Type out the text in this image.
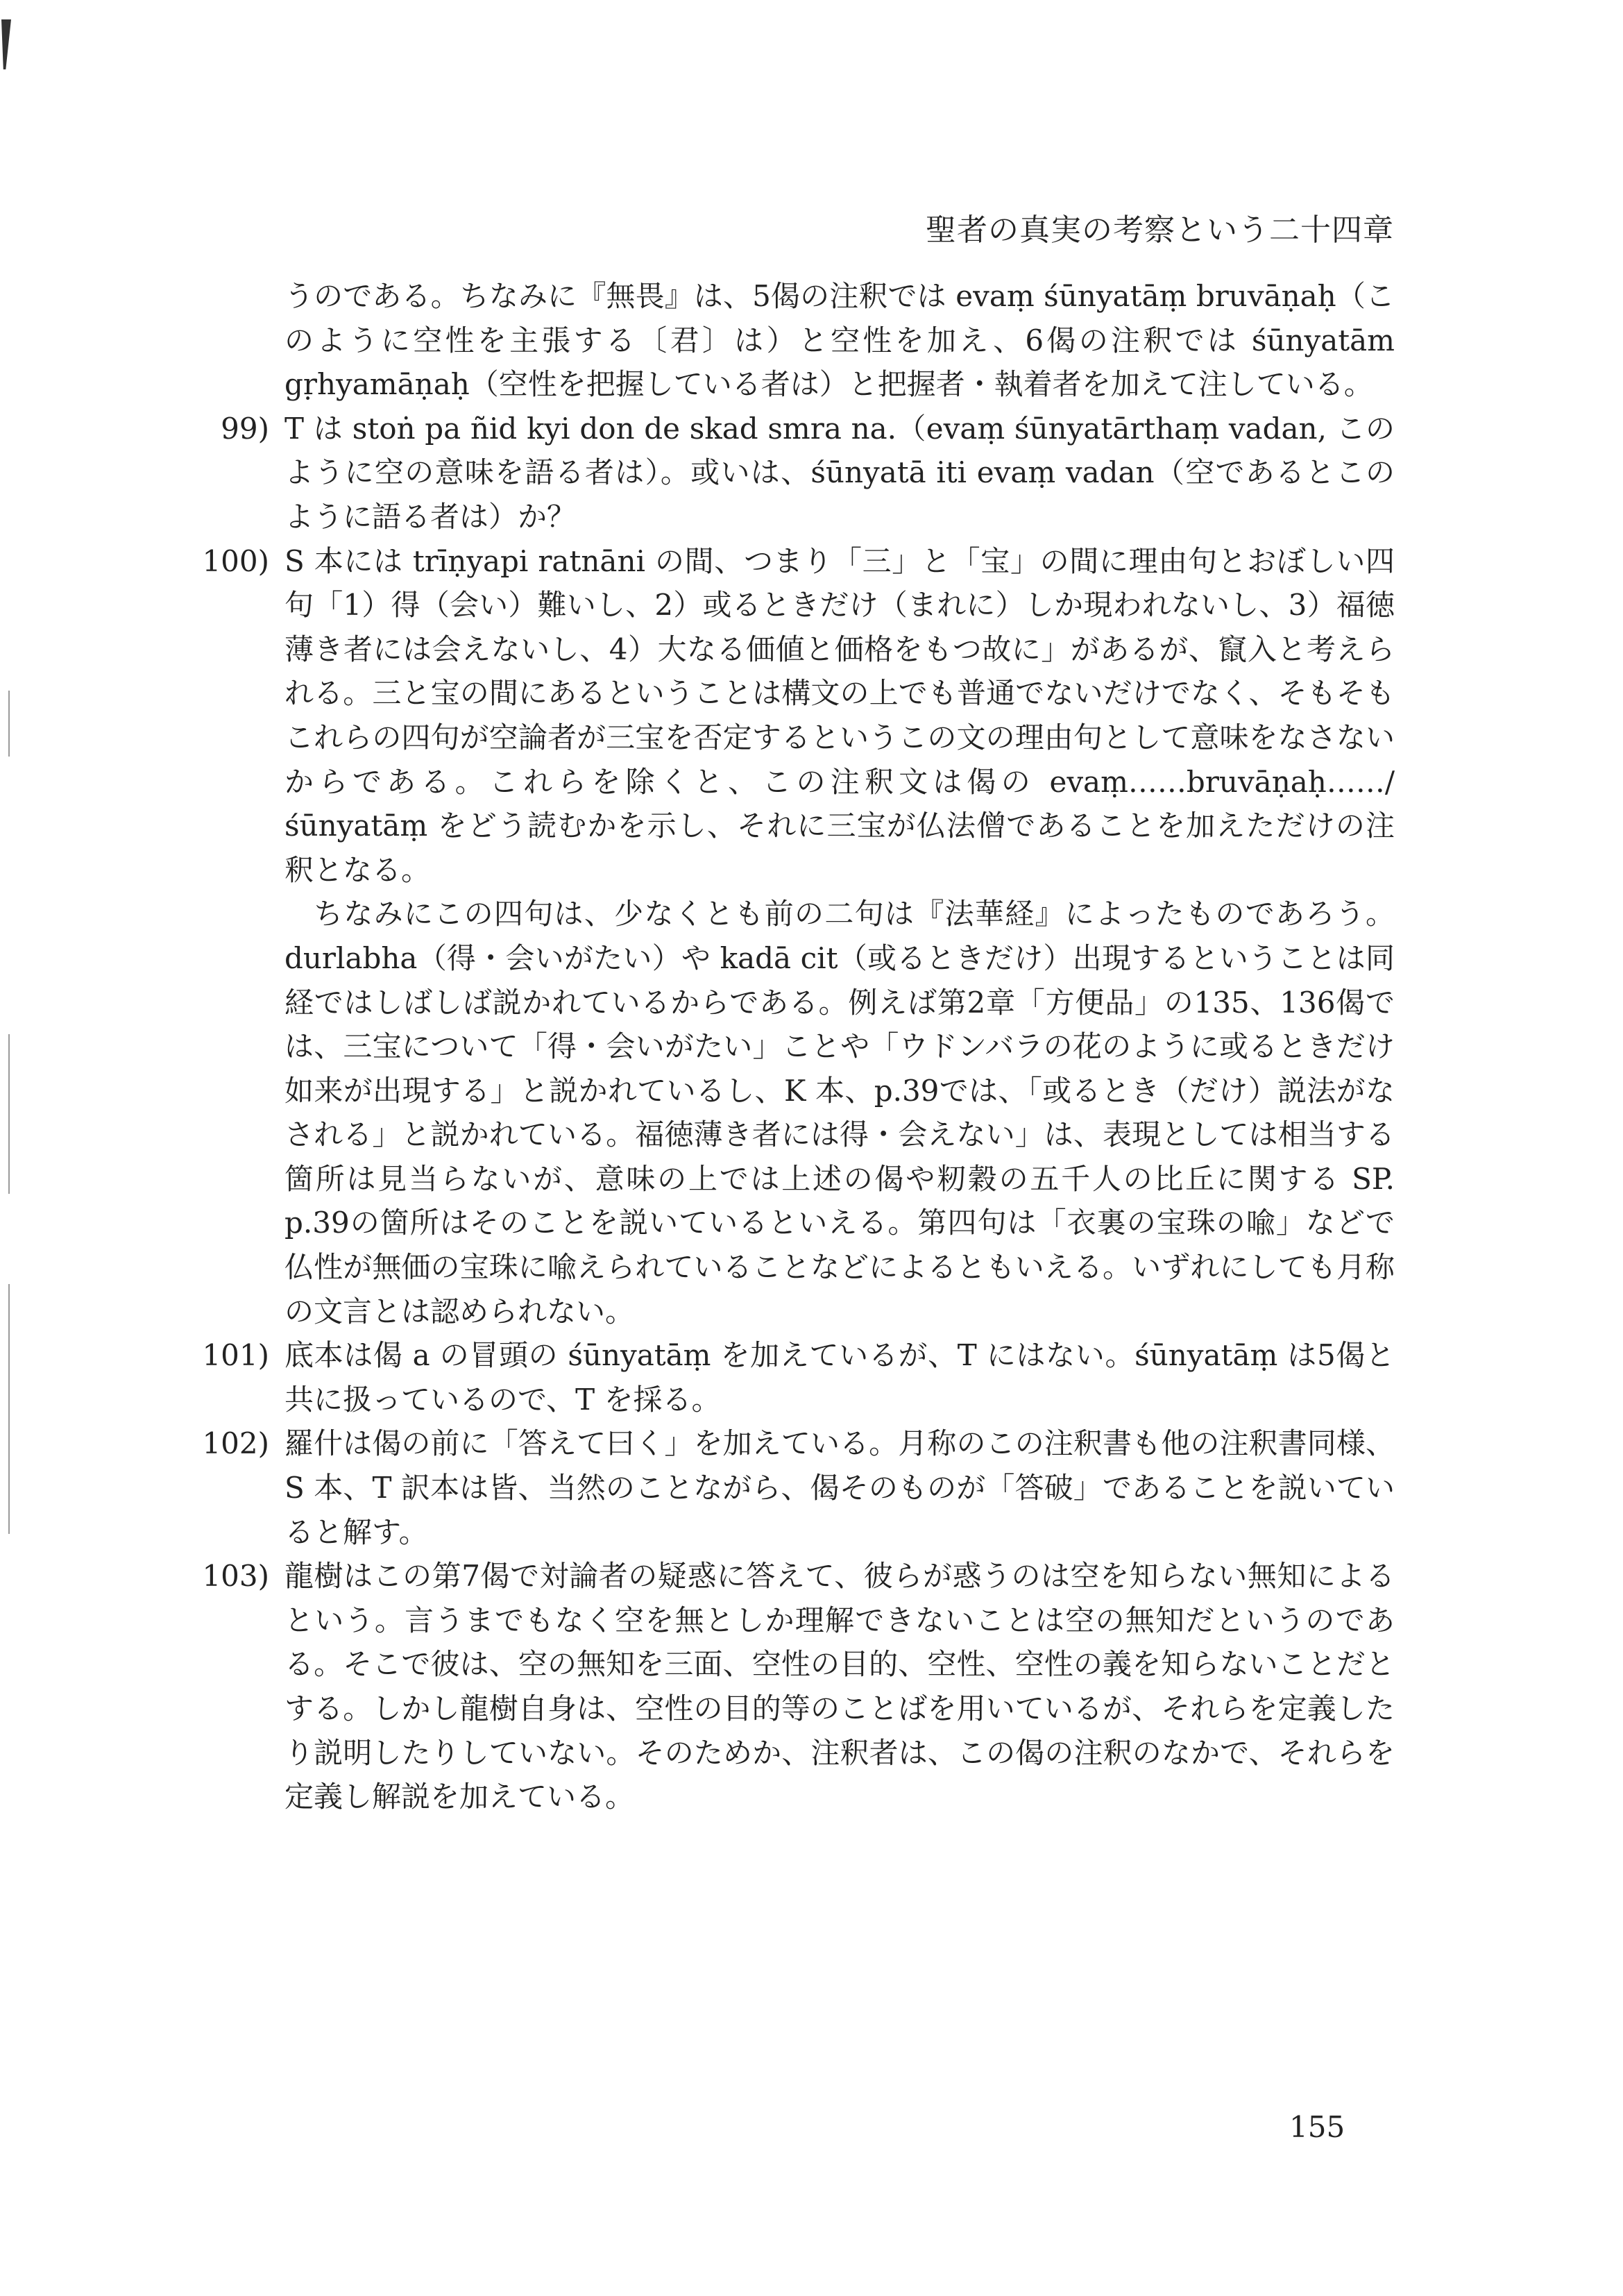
聖者の真実の考察という二十四章

うのである。ちなみに『無畏』は、5偈の注釈では evaṃ śūnyatāṃ bruvāṇaḥ（このように空性を主張する〔君〕は）と空性を加え、6偈の注釈では śūnyatām gṛhyamāṇaḥ（空性を把握している者は）と把握者・執着者を加えて注している。

99) T は stoṅ pa ñid kyi don de skad smra na.（evaṃ śūnyatārthaṃ vadan, このように空の意味を語る者は）。或いは、śūnyatā iti evaṃ vadan（空であるとこのように語る者は）か？

100) S 本には trīṇyapi ratnāni の間、つまり「三」と「宝」の間に理由句とおぼしい四句「1）得（会い）難いし、2）或るときだけ（まれに）しか現われないし、3）福徳薄き者には会えないし、4）大なる価値と価格をもつ故に」があるが、竄入と考えられる。三と宝の間にあるということは構文の上でも普通でないだけでなく、そもそもこれらの四句が空論者が三宝を否定するというこの文の理由句として意味をなさないからである。これらを除くと、この注釈文は偈の evaṃ……bruvāṇaḥ……/ śūnyatāṃ をどう読むかを示し、それに三宝が仏法僧であることを加えただけの注釈となる。

ちなみにこの四句は、少なくとも前の二句は『法華経』によったものであろう。durlabha（得・会いがたい）や kadā cit（或るときだけ）出現するということは同経ではしばしば説かれているからである。例えば第2章「方便品」の135、136偈では、三宝について「得・会いがたい」ことや「ウドンバラの花のように或るときだけ如来が出現する」と説かれているし、K 本、p.39では、「或るとき（だけ）説法がなされる」と説かれている。福徳薄き者には得・会えない」は、表現としては相当する箇所は見当らないが、意味の上では上述の偈や籾穀の五千人の比丘に関する SP. p.39の箇所はそのことを説いているといえる。第四句は「衣裏の宝珠の喩」などで仏性が無価の宝珠に喩えられていることなどによるともいえる。いずれにしても月称の文言とは認められない。

101) 底本は偈 a の冒頭の śūnyatāṃ を加えているが、T にはない。śūnyatāṃ は5偈と共に扱っているので、T を採る。

102) 羅什は偈の前に「答えて曰く」を加えている。月称のこの注釈書も他の注釈書同様、S 本、T 訳本は皆、当然のことながら、偈そのものが「答破」であることを説いていると解す。

103) 龍樹はこの第7偈で対論者の疑惑に答えて、彼らが惑うのは空を知らない無知によるという。言うまでもなく空を無としか理解できないことは空の無知だというのである。そこで彼は、空の無知を三面、空性の目的、空性、空性の義を知らないことだとする。しかし龍樹自身は、空性の目的等のことばを用いているが、それらを定義したり説明したりしていない。そのためか、注釈者は、この偈の注釈のなかで、それらを定義し解説を加えている。

155
